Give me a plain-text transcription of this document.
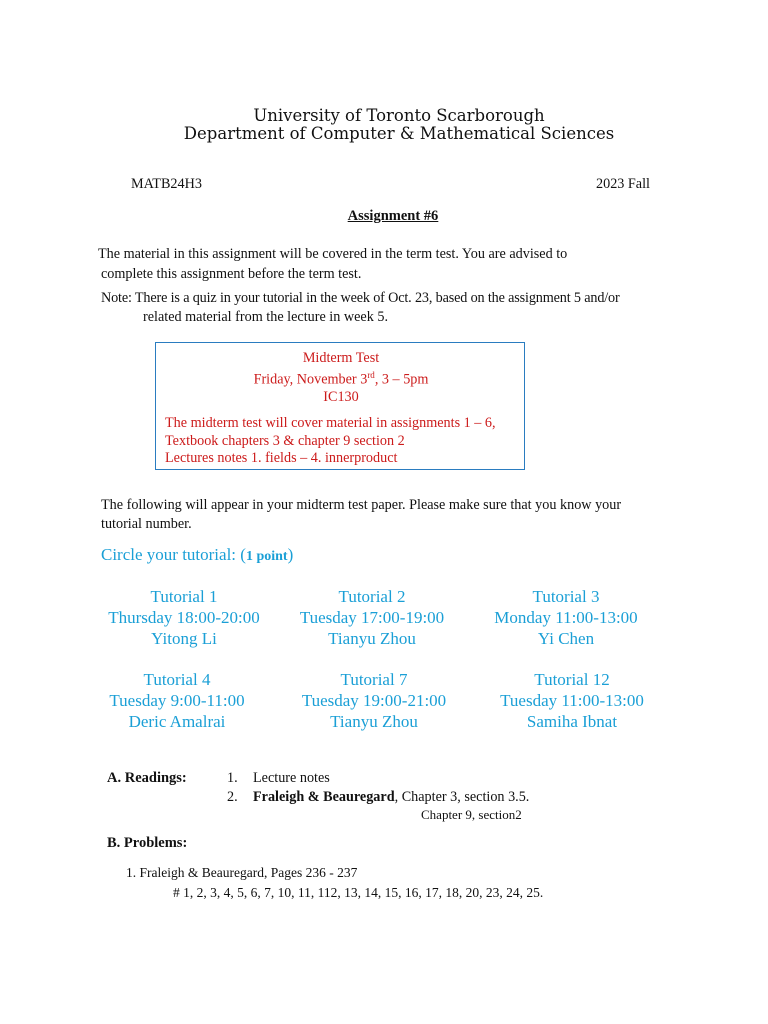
University of Toronto Scarborough
Department of Computer & Mathematical Sciences
MATB24H3	2023 Fall
Assignment #6
The material in this assignment will be covered in the term test. You are advised to
complete this assignment before the term test.
Note: There is a quiz in your tutorial in the week of Oct. 23, based on the assignment 5 and/or
related material from the lecture in week 5.
Midterm Test
Friday, November 3rd, 3 – 5pm
IC130
The midterm test will cover material in assignments 1 – 6,
Textbook chapters 3 & chapter 9 section 2
Lectures notes 1. fields – 4. innerproduct
The following will appear in your midterm test paper. Please make sure that you know your
tutorial number.
Circle your tutorial: (1 point)
Tutorial 1
Thursday 18:00-20:00
Yitong Li
Tutorial 2
Tuesday 17:00-19:00
Tianyu Zhou
Tutorial 3
Monday 11:00-13:00
Yi Chen
Tutorial 4
Tuesday 9:00-11:00
Deric Amalrai
Tutorial 7
Tuesday 19:00-21:00
Tianyu Zhou
Tutorial 12
Tuesday 11:00-13:00
Samiha Ibnat
A. Readings:	1. Lecture notes
2. Fraleigh & Beauregard, Chapter 3, section 3.5.
Chapter 9, section2
B. Problems:
1. Fraleigh & Beauregard, Pages 236 - 237
# 1, 2, 3, 4, 5, 6, 7, 10, 11, 112, 13, 14, 15, 16, 17, 18, 20, 23, 24, 25.
